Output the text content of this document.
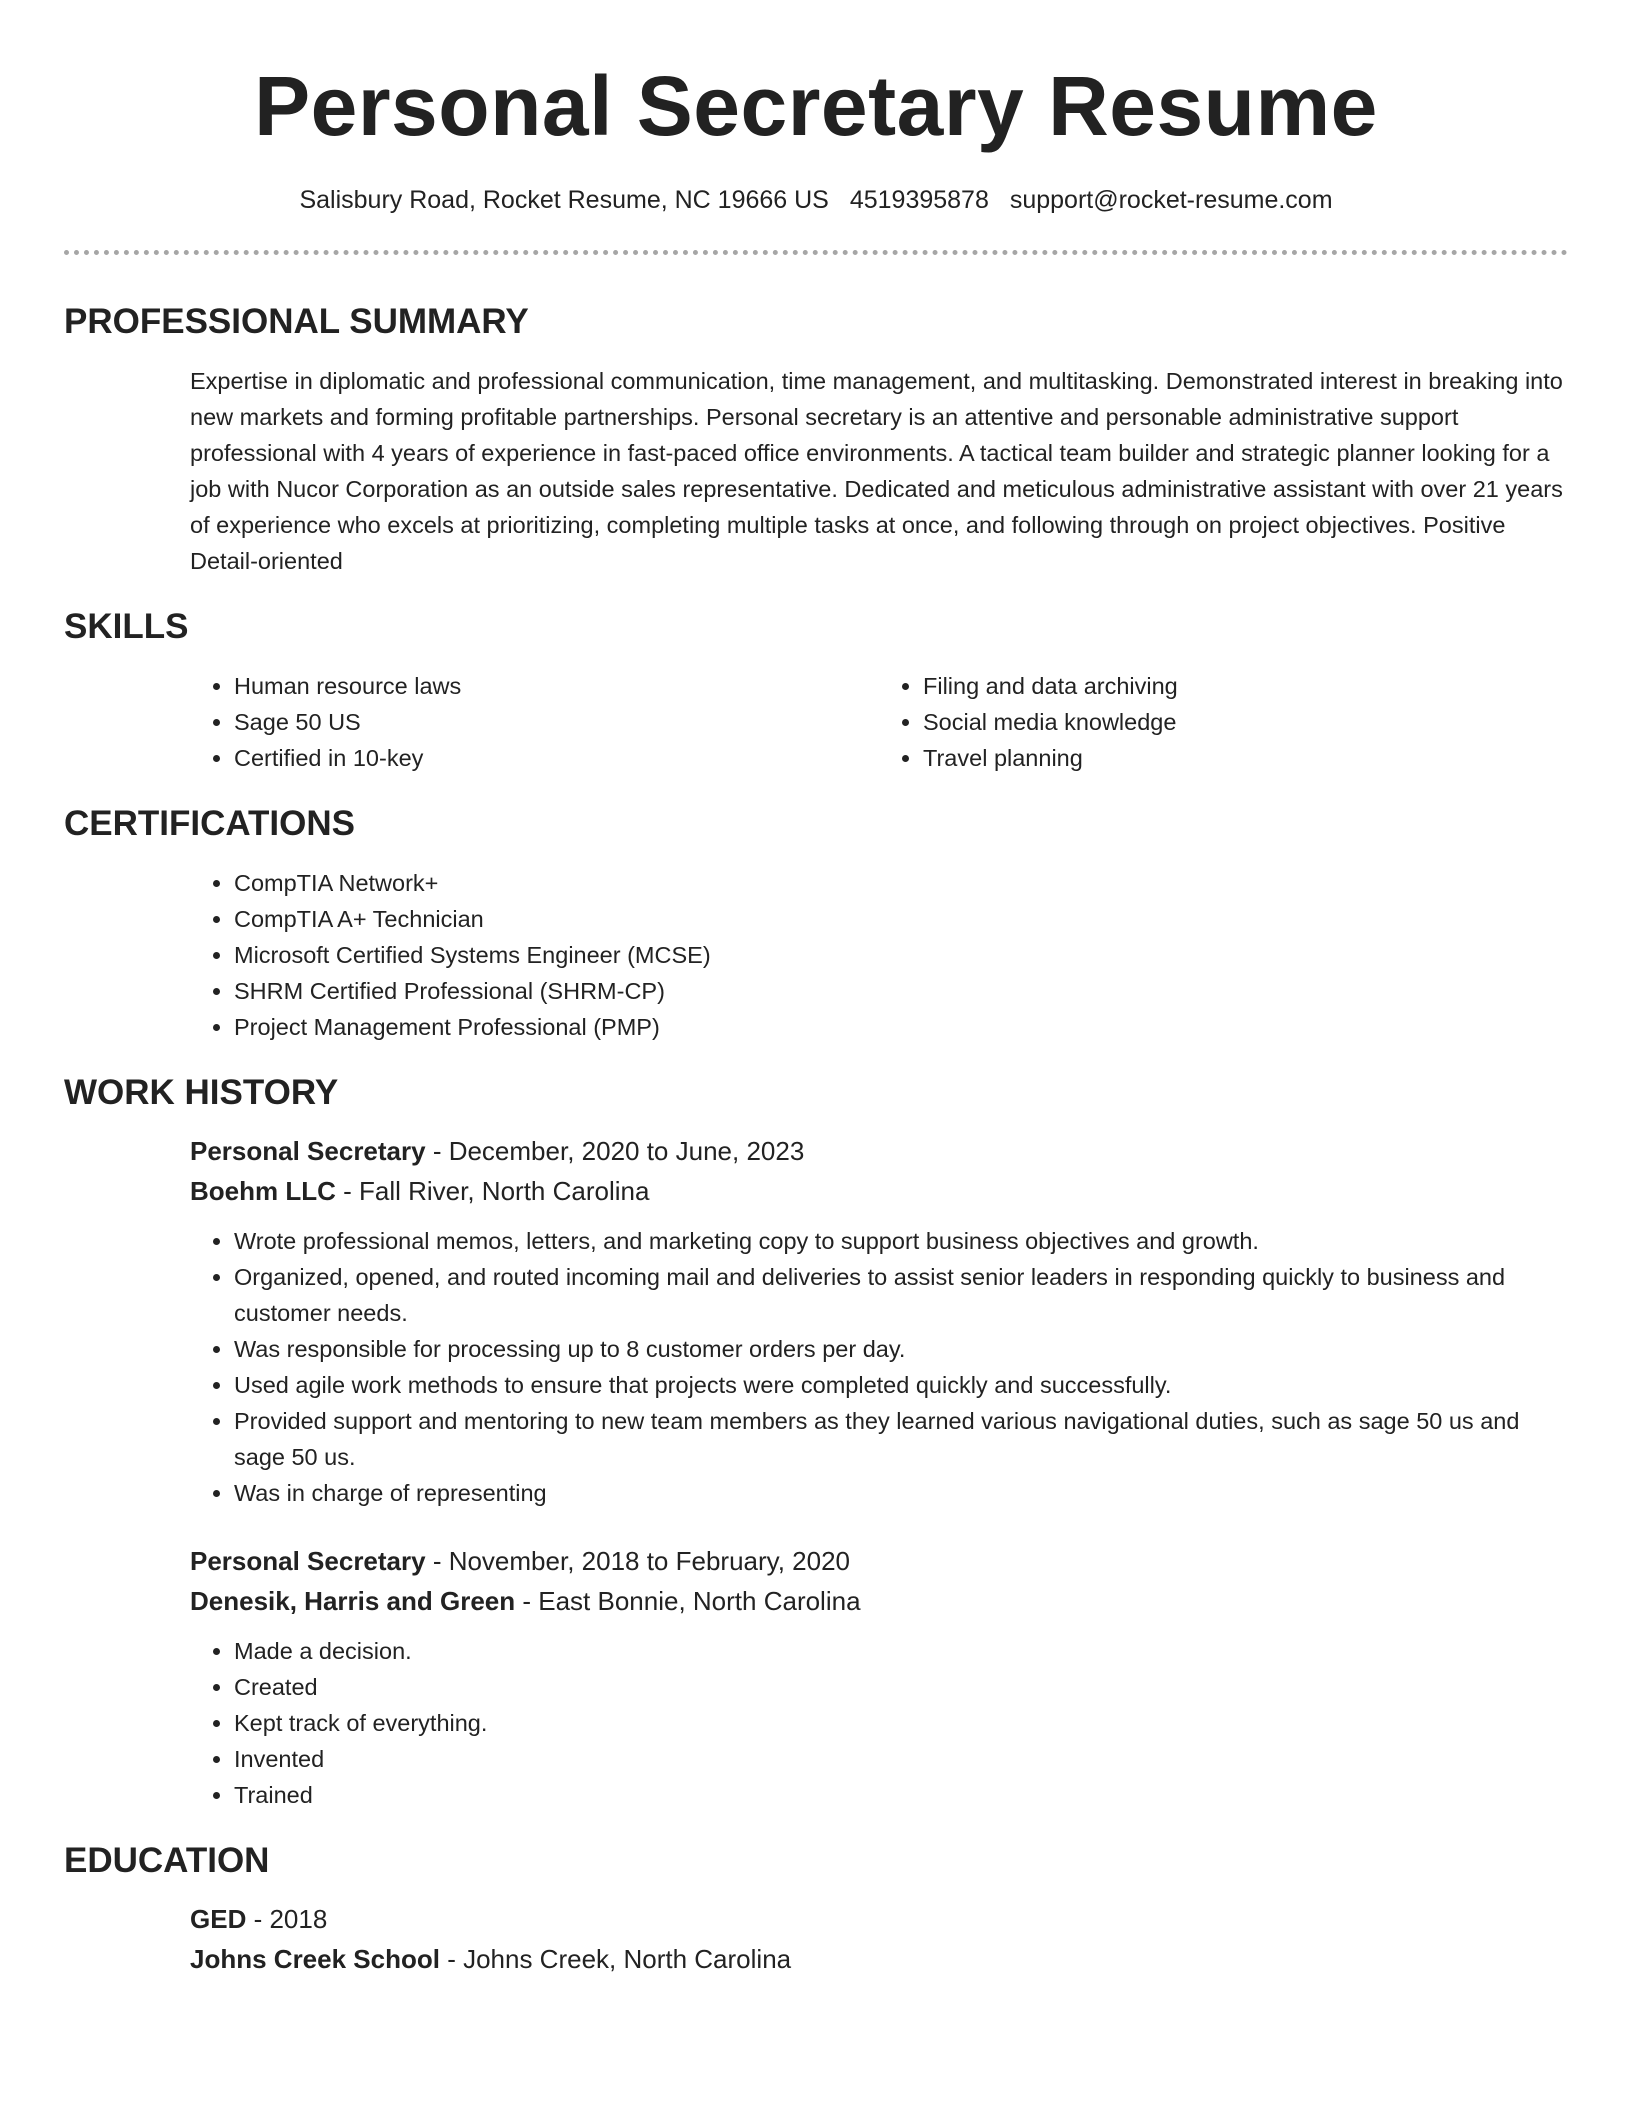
Personal Secretary Resume
Salisbury Road, Rocket Resume, NC 19666 US 4519395878 support@rocket-resume.com
PROFESSIONAL SUMMARY

Expertise in diplomatic and professional communication, time management, and multitasking. Demonstrated interest in breaking into new markets and forming profitable partnerships. Personal secretary is an attentive and personable administrative support professional with 4 years of experience in fast-paced office environments. A tactical team builder and strategic planner looking for a job with Nucor Corporation as an outside sales representative. Dedicated and meticulous administrative assistant with over 21 years of experience who excels at prioritizing, completing multiple tasks at once, and following through on project objectives. Positive Detail-oriented

SKILLS
• Human resource laws
• Sage 50 US
• Certified in 10-key
• Filing and data archiving
• Social media knowledge
• Travel planning
CERTIFICATIONS
• CompTIA Network+
• CompTIA A+ Technician
• Microsoft Certified Systems Engineer (MCSE)
• SHRM Certified Professional (SHRM-CP)
• Project Management Professional (PMP)
WORK HISTORY
Personal Secretary - December, 2020 to June, 2023
Boehm LLC - Fall River, North Carolina
• Wrote professional memos, letters, and marketing copy to support business objectives and growth.
• Organized, opened, and routed incoming mail and deliveries to assist senior leaders in responding quickly to business and customer needs.
• Was responsible for processing up to 8 customer orders per day.
• Used agile work methods to ensure that projects were completed quickly and successfully.
• Provided support and mentoring to new team members as they learned various navigational duties, such as sage 50 us and sage 50 us.
• Was in charge of representing
Personal Secretary - November, 2018 to February, 2020
Denesik, Harris and Green - East Bonnie, North Carolina
• Made a decision.
• Created
• Kept track of everything.
• Invented
• Trained
EDUCATION
GED - 2018
Johns Creek School - Johns Creek, North Carolina
